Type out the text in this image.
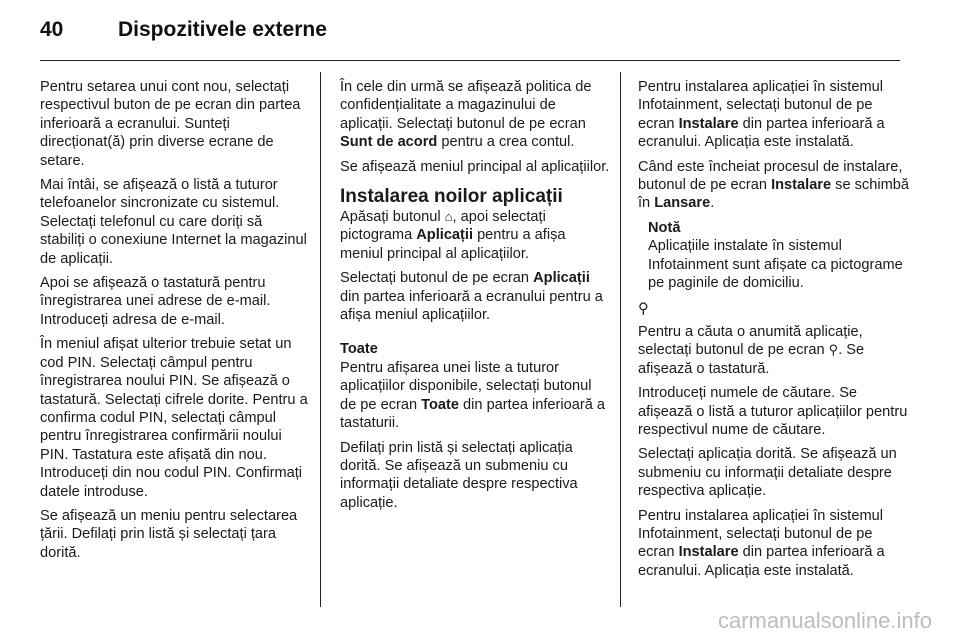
40	Dispozitivele externe

Pentru setarea unui cont nou, selectați respectivul buton de pe ecran din partea inferioară a ecranului. Sunteți direcționat(ă) prin diverse ecrane de setare.

Mai întâi, se afișează o listă a tuturor telefoanelor sincronizate cu sistemul. Selectați telefonul cu care doriți să stabiliți o conexiune Internet la magazinul de aplicații.

Apoi se afișează o tastatură pentru înregistrarea unei adrese de e-mail. Introduceți adresa de e-mail.

În meniul afișat ulterior trebuie setat un cod PIN. Selectați câmpul pentru înregistrarea noului PIN. Se afișează o tastatură. Selectați cifrele dorite. Pentru a confirma codul PIN, selectați câmpul pentru înregistrarea confirmării noului PIN. Tastatura este afișată din nou. Introduceți din nou codul PIN. Confirmați datele introduse.

Se afișează un meniu pentru selectarea țării. Defilați prin listă și selectați țara dorită.

În cele din urmă se afișează politica de confidențialitate a magazinului de aplicații. Selectați butonul de pe ecran Sunt de acord pentru a crea contul.

Se afișează meniul principal al aplicațiilor.

Instalarea noilor aplicații

Apăsați butonul ⌂, apoi selectați pictograma Aplicații pentru a afișa meniul principal al aplicațiilor.

Selectați butonul de pe ecran Aplicații din partea inferioară a ecranului pentru a afișa meniul aplicațiilor.

Toate

Pentru afișarea unei liste a tuturor aplicațiilor disponibile, selectați butonul de pe ecran Toate din partea inferioară a tastaturii.

Defilați prin listă și selectați aplicația dorită. Se afișează un submeniu cu informații detaliate despre respectiva aplicație.

Pentru instalarea aplicației în sistemul Infotainment, selectați butonul de pe ecran Instalare din partea inferioară a ecranului. Aplicația este instalată.

Când este încheiat procesul de instalare, butonul de pe ecran Instalare se schimbă în Lansare.

Notă
Aplicațiile instalate în sistemul Infotainment sunt afișate ca pictograme pe paginile de domiciliu.
⚲

Pentru a căuta o anumită aplicație, selectați butonul de pe ecran ⚲. Se afișează o tastatură.

Introduceți numele de căutare. Se afișează o listă a tuturor aplicațiilor pentru respectivul nume de căutare.

Selectați aplicația dorită. Se afișează un submeniu cu informații detaliate despre respectiva aplicație.

Pentru instalarea aplicației în sistemul Infotainment, selectați butonul de pe ecran Instalare din partea inferioară a ecranului. Aplicația este instalată.

carmanualsonline.info
